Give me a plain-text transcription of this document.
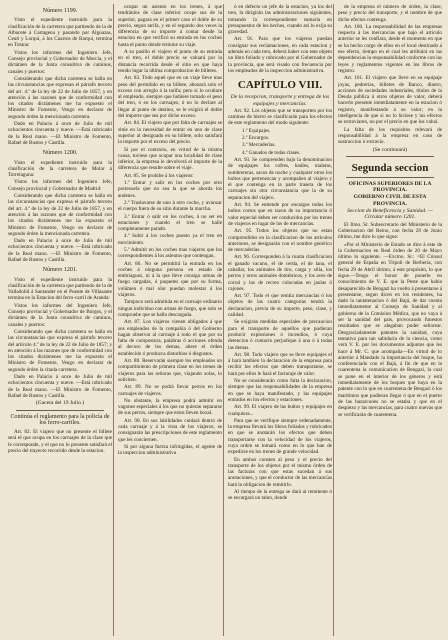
Número 1199.

Visto el expediente instruido para la clasificación de la carretera que partiendo de la de Albacete á Cartagena y pasando por Alguazas, Ceuti y Lorquí, á los Cuarros de Barqui, termina en Totana:

Vistos los informes del Ingeniero Jefe, Consejo provincial y Gobernador de Murcia, y el dictámen de la Junta consultiva de caminos, canales y puertos:

Considerando que dicha carretera se halla en las circunstancias que expresan el párrafo tercero del art. 4.º de la ley de 22 de Julio de 1857, y en atención á las razones que de conformidad con los citados dictámenes me ha expuesto el Ministro de Fomento, Vengo en declarar de segundo órden la mencionada carretera.

Dado en Palacio á once de Julio de mil ochocientos cincuenta y nueve. —Está rubricado de la Real mano. —El Ministro de Fomento, Rafael de Bustos y Castilla.

Número 1200.

Visto el expediente instruido para la clasificación de la carretera de Molar á Torrelaguna:

Vistos los informes del Ingeniero Jefe, Consejo provincial y Gobernador de Madrid:

Considerando que dicha carretera se halla en las circunstancias que expresa el párrafo tercero del art. 4.º de la ley de 22 de Julio de 1857, y en atención á las razones que de conformidad con los citados dictámenes me ha expuesto el Ministro de Fomento, Vengo en declarar de segundo órden la mencionada carretera.

Dado en Palacio á once de Julio de mil ochocientos cincuenta y nueve. —Está rubricado de la Real mano. —El Ministro de Fomento, Rafael de Bustos y Castilla.

Número 1201.

Visto el expediente instruido para la clasificación de la carretera que partiendo de la de Valladolid á Santander en el Puente de Villasante termina en la Estacion del ferro-carril de Aranda:

Vistos los informes del Ingeniero Jefe, Consejo provincial y Gobernador de Burgos, y el dictámen de la Junta consultiva de caminos, canales y puertos:

Considerando que dicha carretera se halla en las circunstancias que expresa el párrafo tercero del artículo 4.º de la ley de 22 de Julio de 1857; y en atención á las razones que de conformidad con los citados dictámenes me ha expuesto el Ministro de Fomento, Vengo en declarar de segundo órden la citada carretera.

Dado en Palacio á once de Julio de mil ochocientos cincuenta y nueve. —Está rubricado de la Real mano. —El Ministro de Fomento, Rafael de Bustos y Castilla.

(Gaceta del 19 Julio.)

Continúa el reglamento para la policía de los ferro-carriles.

Art. 82. El viajero que no presente el billete será el que ocupa en los carruajes de la clase que le corresponde, y el que no lo presente satisfará el precio del trayecto recorrido desde la estacion.

ocupar un asiento en los trenes, á que tendránlos de clase inferior ocupe sus de la superior, pagara en el primer caso el doble de su precio, segun tarifa, y en el segundo dos veces la diferencia de su importe á contar desde la estacion en que verificó su entrada en los coches hasta el punto donde termine su viaje.

A su pasillo el viajero el punto de su entrada en el tren, el doble precio se valuará por la distancia recorrida desde el sitio en que haya tenido lugar la última comprobacion de billetes.

Art. 83. Todo aquel que en un viaje lleve mas peso del permitido en su billete, abonará solo el exceso con arreglo á la tarifa; pero si lo ocultare al empleado, siempre que hubiere tomado el peso del tren, ó en los carruajes, ó no lo declare al llegar al punto de destino, se le exigirá el doble del importe que sea por dicho exceso.

Art. 84. El viajero que por falta de carruajes se sitúe en la necesidad de entrar en uno de clase superior al designado en su billete, solo satisfará la importe por el exceso del precio.

Si por el contrario, en virtud de la misma causa, tuviese que ocupar una localidad de clase inferior, la empresa le devolverá el importe de la diferencia que resulte sobre el viaje.

Art. 85. Se prohibe á los viajeros:

1.º Entrar y salir en los coches por otro portezuela que no sea la que se aborda los andenes.

2.º Traslavarse de uno á otro coche, y avanzar el cuerpo fuera de su sitio durante la marcha.

3.º Entrar ó salir en los coches, á no ser en estaciones y cuando el tren se halle completamente parado.

4.º Subir á los coches puesto ya el tren en movimiento.

5.º Admitir en los coches mas viajeros que los correspondientes á los asientos que contengan.

Art. 86. No se permitirá la entrada en los coches á ninguna persona en estado de embriaguez, ni á la que lleve consigo armas de fuego cargadas, ó paquetes que por su forma, volúmen ó mal olor puedan molestar á los viajeros.

Tampoco será admitida en el carruaje ordinario ningun individuo con armas de fuego, que solo se compruebe que se halla descargada.

Art. 87. Los viajeros vienen obligados á que sus empleados de la compañía ó del Gobierno hagan observar al carruaje á todo el que por su falta de compostura, palabras ó acciones ofenda al decoro de los demas, altere el órden establecido ó produzca disturbios ó disgustos.

Art. 88. Reservarán siempre los empleados un compartimiento de primera clase en los trenes de viajeros para las señoras que, viajando solas, lo soliciten.

Art. 89. No se podrá llevar perros en los carruajes de viajeros.

No obstante, la empresa podrá admitir en vagones especiales á los que no quieran separarse de sus perros, siempre que estos lleven bozal.

Art. 90. En sus labilidades cuidará dentro de cada carruaje y á la vista de los viajeros, se consignarán las prescripciones de este reglamento que les conciernen.

Si por alguna fuerza infringidas, el agente de la inspeccion administrativa

ó en defecto un jefe de la estacion, ya los del tren, la dirigirán las administraciones siguientes, tomando la correspondiente sumaria en presupuestos de los hechos, cuando así lo exija su gravedad.

Art. 91. Para que los viajeros puedan consignar sus reclamaciones, en cada estacion y además en cada tren, deberá haber con este objeto un libro foliado y rubricado por el Gobernador de la provincia, que será visado con frecuencia por los empleados de la inspeccion administrativa.

CAPÍTULO VIII.

De la recepcion, transporte y entrega de los equipajes y mercancías.

Art. 92. Los objetos que se transporten por los caminos de hierro se clasificarán para los efectos de este reglamento del modo siguiente:

1.º Equipajes.

2.º Encargos.

3.º Mercaderías.

4.º Ganados de todas clases.

Art. 93. Se comprenden bajo la denominacion de equipajes los cofres, baúles, maletas, sombrereras, sacos de noche y cualquier otros los bultos que pertenezcan y acompañen al viajero y el que contenga en la parte trasera de los carruajes sin otra circunstancia que la de su separacion del viajero.

Art. 94. Se entiende por encargos todos los bultos cortos que en razon de su importancia ó valor especial deben ser conducidos por los trenes de viajeros en lugar de los de mercancías.

Art. 95. Todos los objetos que no estan comprendidos en la clasificacion de los artículos anteriores, se designarán con el nombre genérico de mercaderías.

Art. 96. Corresponden á la cuarta clasificacion el ganado vacuno, el de cerda, el de lana, el caballar, los animales de tiro, carga y silla, los perros y otros animales domésticos, y los aves de corral y las de recreo colocadas en jaulas ó cajones.

Art. 97. Todo el que remita mercancías ó los objetos de las cuatro categorías tendrá la declaracion, previa de su importe, peso, clase, y calidad.

Se exigirán medidas especiales de precaucion para el transporte de aquellos que pudieran producir explosiones ó incendios, ó cuya detencion ó contacto perjudique á una ó á todas las demas.

Art. 98. Todo viajero que se lleve equipajes el á hará tambien la declaracion de la empresa para recibir los efectos que deben transportarse, se hará por ellos le hará el facturaje de valor.

No se considerarán como falta la declaracion, siempre que las responsabilidades de la empresa en que se haya manifestado, y las equipajes entrados en los efectos y estaciones.

Art. 99. El viajero de las bultos y equipajes en cualquiera...

Para que se verifique siempre ordenadamente, la empresa llevará los libros foliados y rubricados en que se anotarán los efectos que deben transportarse con la velocidad de los viajeros, cuya orden se tomará como en lo que han de expedirse en los trenes de grande velocidad.

En ambos consten al peso y el precio del transporte de los objetos por el mismo órden de las facturas con que estas sucedan á sus anotaciones, y que el conductor de las mercancías hará la obligacion de remitirlo.

Al tiempo de la entrega se dará al remitente ó se encargará un talon, donde

de la empresa el número de órden, la clase, peso y precio del transporte, y el nombre de que dicho efectos contenga.

Art. 100. La responsabilidad de las empresas respecto á las mercancías que bajo el artículo anterior se les confiara, desde el momento en que se ha hecho cargo de ellos en el local destinado á ese efecto, tiempo en el cual les atribuirá en las dependencias la responsabilidad conforme con las leyes y reglamentos vigentes en los libros de registro.

Art. 101. El viajero que lleve en su equipaje joyas, pedrerías, billetes de Banco, dinero, acciones de sociedades industriales, títulos de la Deuda pública ú otros objetos de valor, deberá hacerlo presente inmediatamente en la estacion ó registro, manifestando á su valor; en la inteligencia de que si no lo hiciese y los efectos se extraviaren, no por el precio en que los valuó.

La falta de los requisitos relevará de responsabilidad á la empresa en caso de sustraccion ó extravío.

(Se continuará)

Segunda seccion

OFICINAS SUPERIORES DE LA PROVINCIA.

GOBIERNO CIVIL DE ESTA PROVINCIA.

Seccion de Beneficencia y Sanidad. — Circular número 1201.

El Ilmo. Sr. Subsecretario del Ministerio de la Gobernacion del Reino, con fecha 28 de Junio último, me dice lo que sigue:

«Por el Ministerio de Estado se dice á este de la Gobernacion en Real órden de 20 de Mayo último lo siguiente. —Excmo. Sr.: =El Cónsul general de España en Trípoli de Berbería, con fecha 29 de Abril último, á este propósito, lo que sigue.—Tengo el honor de ponerle en conocimiento de V. E. que la Peste que habia desaparecido de Bengazi ha vuelto á presentarse á presentarse, segun dicen en los residentes, ha dado la tantatenacion ó del Bajá, de dar cuenta inmediatamente al Consejo de Sanidad y al gobierno de la Comision Médica, que no vaya á ser la sanidad del país, provocando funestos resultados que se alegaban poder señorear. Desgraciadamente patentes la sanidad, cuya tentativa para tan sabiduría de la ciencia, como verá V. E. por los documentos adjuntos que les hace á Mr. C. que acompaña—En virtud de lo anterior á Mandado la importancia del buque, ha conferenciado con el Bajá, á fin de que en la cuarentena la comunicacion de Bengazi, la cual se pone en el interior de los géneros y está inmediatamente de los buques que haya en la patente con lo que en cuarentena de Bengazi ó los marítimos que pudieran llegar ó que en el puerto de las bazarcones no se estaba y que en el despiezo y las mercancías, para cuatro nuevas que se verificarán de cuarentena.
